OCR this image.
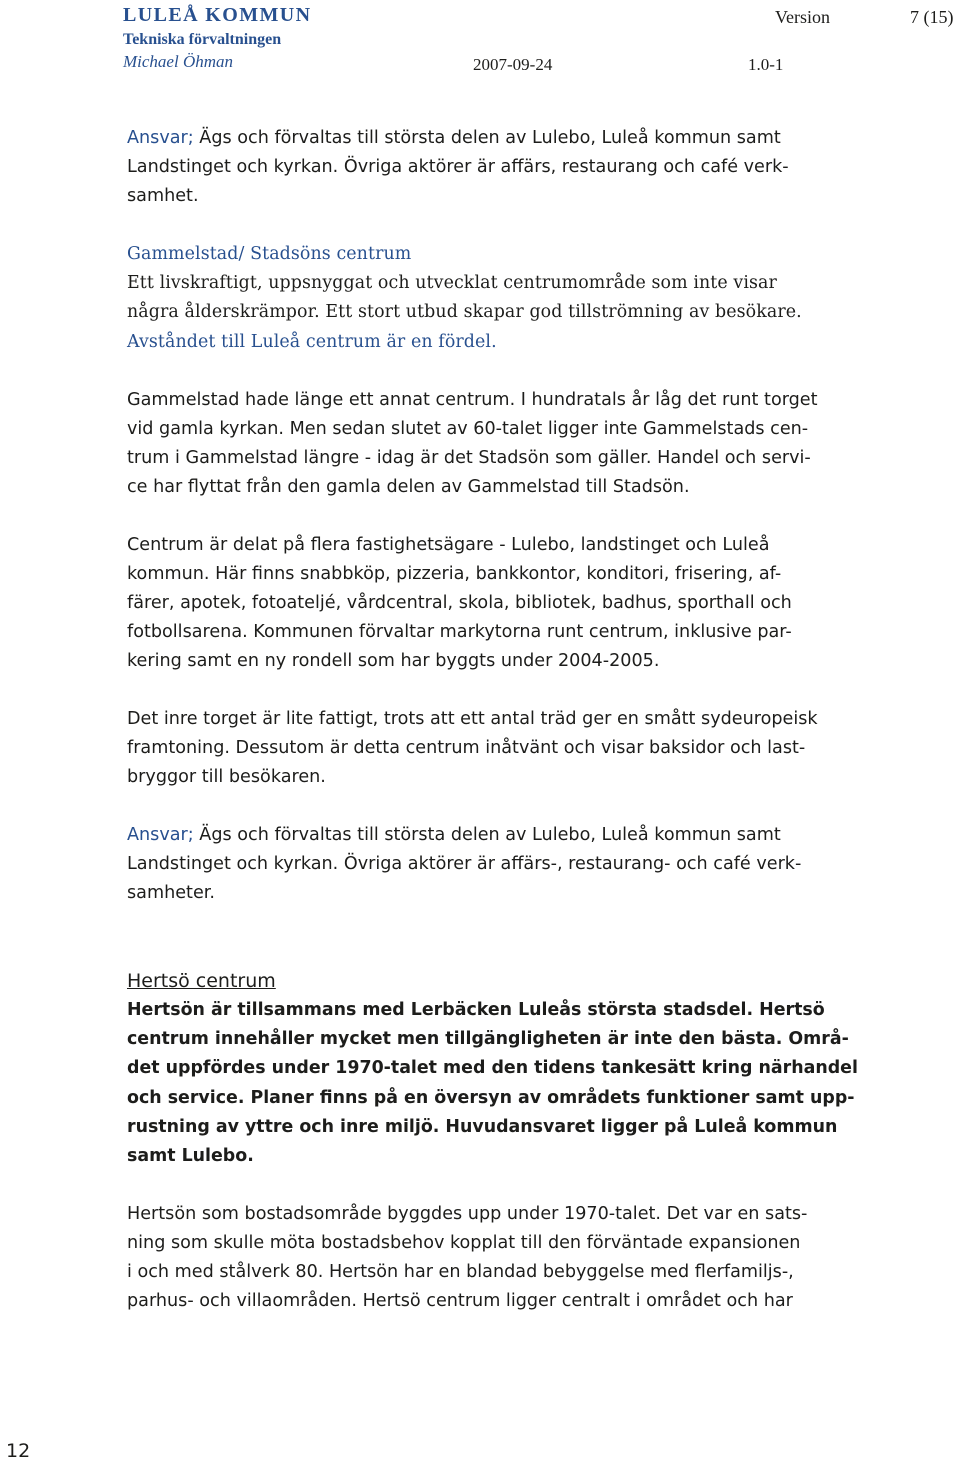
LULEÅ KOMMUN
Tekniska förvaltningen
Michael Öhman
Version	7 (15)
2007-09-24	1.0-1
Ansvar; Ägs och förvaltas till största delen av Lulebo, Luleå kommun samt
Landstinget och kyrkan. Övriga aktörer är affärs, restaurang och café verk-
samhet.
Gammelstad/ Stadsöns centrum
Ett livskraftigt, uppsnyggat och utvecklat centrumområde som inte visar
några ålderskrämpor. Ett stort utbud skapar god tillströmning av besökare.
Avståndet till Luleå centrum är en fördel.
Gammelstad hade länge ett annat centrum. I hundratals år låg det runt torget
vid gamla kyrkan. Men sedan slutet av 60-talet ligger inte Gammelstads cen-
trum i Gammelstad längre - idag är det Stadsön som gäller. Handel och servi-
ce har flyttat från den gamla delen av Gammelstad till Stadsön.
Centrum är delat på flera fastighetsägare - Lulebo, landstinget och Luleå
kommun. Här finns snabbköp, pizzeria, bankkontor, konditori, frisering, af-
färer, apotek, fotoateljé, vårdcentral, skola, bibliotek, badhus, sporthall och
fotbollsarena. Kommunen förvaltar markytorna runt centrum, inklusive par-
kering samt en ny rondell som har byggts under 2004-2005.
Det inre torget är lite fattigt, trots att ett antal träd ger en smått sydeuropeisk
framtoning. Dessutom är detta centrum inåtvänt och visar baksidor och last-
bryggor till besökaren.
Ansvar; Ägs och förvaltas till största delen av Lulebo, Luleå kommun samt
Landstinget och kyrkan. Övriga aktörer är affärs-, restaurang- och café verk-
samheter.
Hertsö centrum
Hertsön är tillsammans med Lerbäcken Luleås största stadsdel. Hertsö
centrum innehåller mycket men tillgängligheten är inte den bästa. Områ-
det uppfördes under 1970-talet med den tidens tankesätt kring närhandel
och service. Planer finns på en översyn av områdets funktioner samt upp-
rustning av yttre och inre miljö. Huvudansvaret ligger på Luleå kommun
samt Lulebo.
Hertsön som bostadsområde byggdes upp under 1970-talet. Det var en sats-
ning som skulle möta bostadsbehov kopplat till den förväntade expansionen
i och med stålverk 80. Hertsön har en blandad bebyggelse med flerfamiljs-,
parhus- och villaområden. Hertsö centrum ligger centralt i området och har
12
